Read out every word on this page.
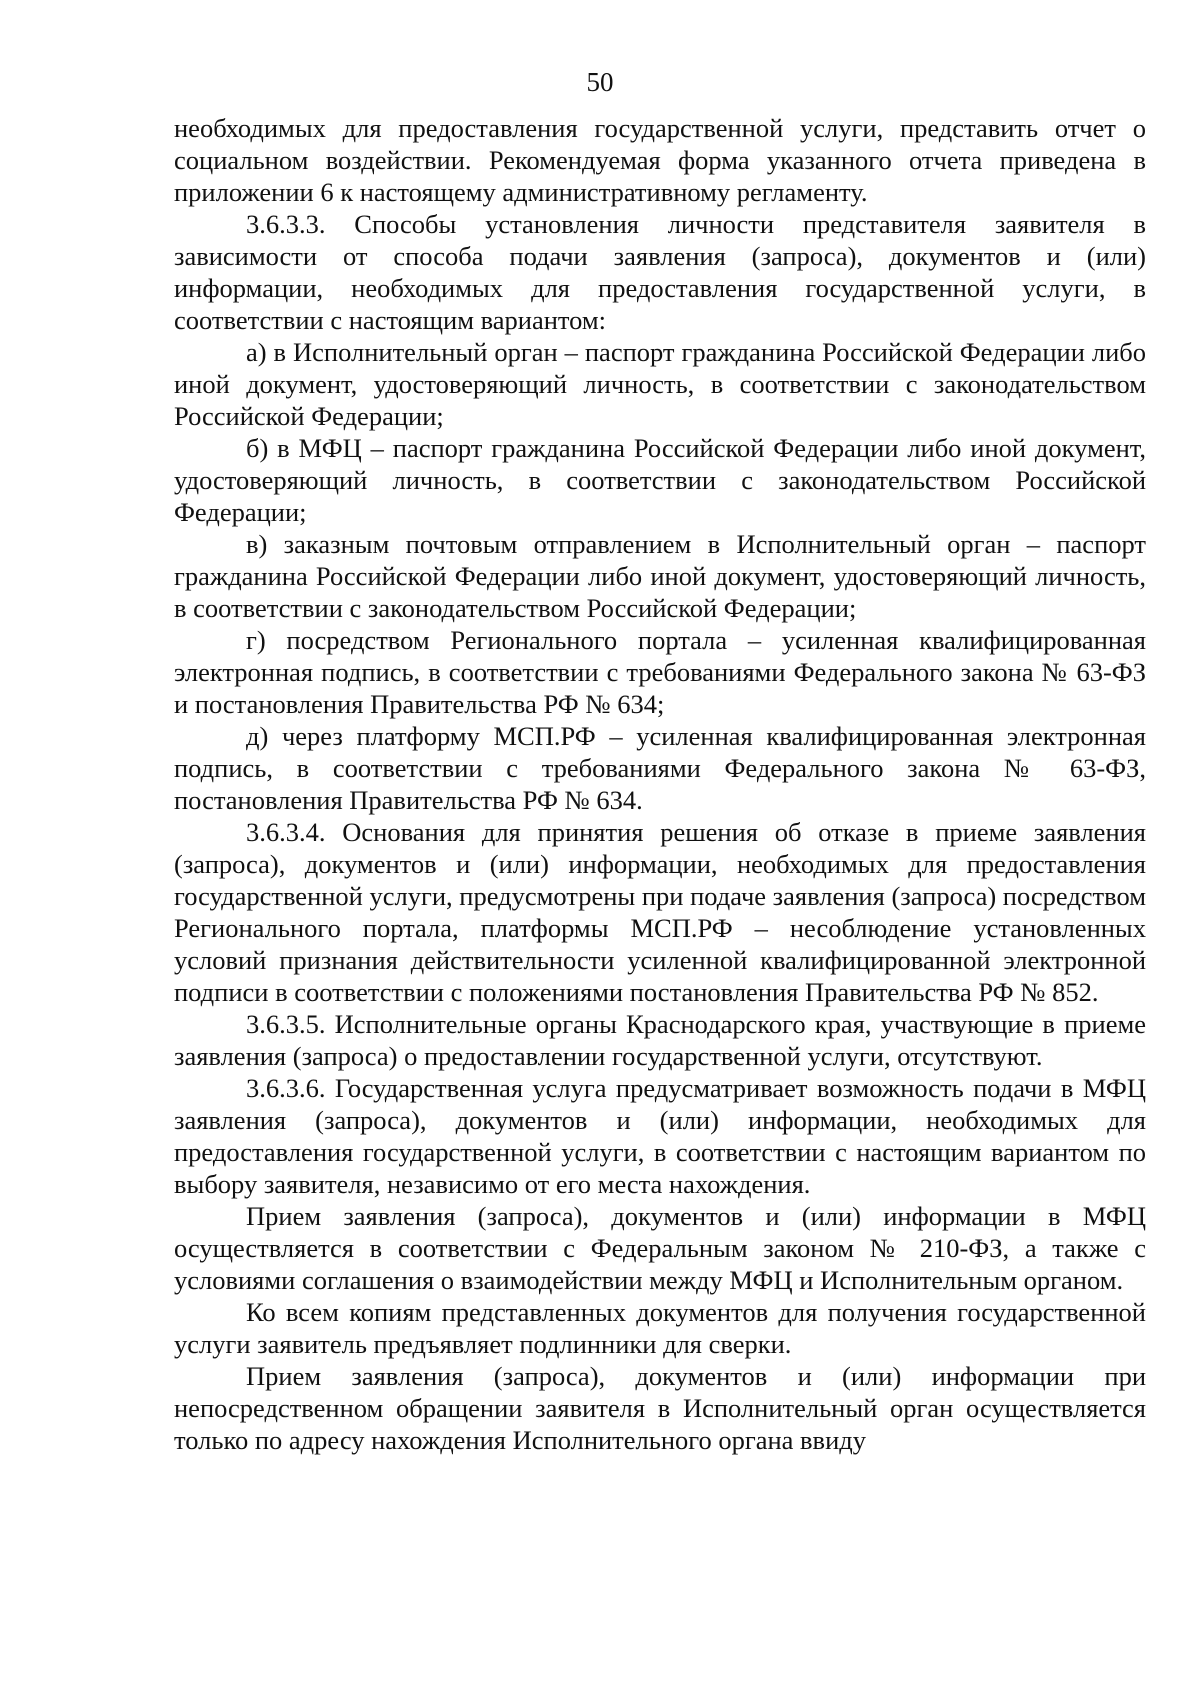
50

необходимых для предоставления государственной услуги, представить отчет о социальном воздействии. Рекомендуемая форма указанного отчета приведена в приложении 6 к настоящему административному регламенту.

3.6.3.3. Способы установления личности представителя заявителя в зависимости от способа подачи заявления (запроса), документов и (или) информации, необходимых для предоставления государственной услуги, в соответствии с настоящим вариантом:

а) в Исполнительный орган – паспорт гражданина Российской Федерации либо иной документ, удостоверяющий личность, в соответствии с законодательством Российской Федерации;

б) в МФЦ – паспорт гражданина Российской Федерации либо иной документ, удостоверяющий личность, в соответствии с законодательством Российской Федерации;

в) заказным почтовым отправлением в Исполнительный орган – паспорт гражданина Российской Федерации либо иной документ, удостоверяющий личность, в соответствии с законодательством Российской Федерации;

г) посредством Регионального портала – усиленная квалифицированная электронная подпись, в соответствии с требованиями Федерального закона № 63-ФЗ и постановления Правительства РФ № 634;

д) через платформу МСП.РФ – усиленная квалифицированная электронная подпись, в соответствии с требованиями Федерального закона № 63-ФЗ, постановления Правительства РФ № 634.

3.6.3.4. Основания для принятия решения об отказе в приеме заявления (запроса), документов и (или) информации, необходимых для предоставления государственной услуги, предусмотрены при подаче заявления (запроса) посредством Регионального портала, платформы МСП.РФ – несоблюдение установленных условий признания действительности усиленной квалифицированной электронной подписи в соответствии с положениями постановления Правительства РФ № 852.

3.6.3.5. Исполнительные органы Краснодарского края, участвующие в приеме заявления (запроса) о предоставлении государственной услуги, отсутствуют.

3.6.3.6. Государственная услуга предусматривает возможность подачи в МФЦ заявления (запроса), документов и (или) информации, необходимых для предоставления государственной услуги, в соответствии с настоящим вариантом по выбору заявителя, независимо от его места нахождения.

Прием заявления (запроса), документов и (или) информации в МФЦ осуществляется в соответствии с Федеральным законом № 210-ФЗ, а также с условиями соглашения о взаимодействии между МФЦ и Исполнительным органом.

Ко всем копиям представленных документов для получения государственной услуги заявитель предъявляет подлинники для сверки.

Прием заявления (запроса), документов и (или) информации при непосредственном обращении заявителя в Исполнительный орган осуществляется только по адресу нахождения Исполнительного органа ввиду
